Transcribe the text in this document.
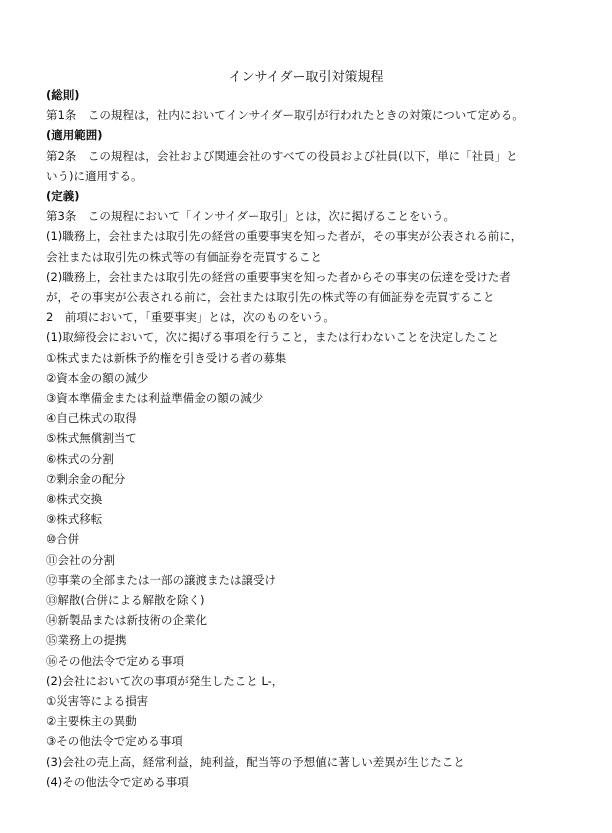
インサイダー取引対策規程
(総則)
第1条　この規程は，社内においてインサイダー取引が行われたときの対策について定める。
(適用範囲)
第2条　この規程は，会社および関連会社のすべての役員および社員(以下，単に「社員」と
いう)に適用する。
(定義)
第3条　この規程において「インサイダー取引」とは，次に掲げることをいう。
(1)職務上，会社または取引先の経営の重要事実を知った者が，その事実が公表される前に，
会社または取引先の株式等の有価証券を売買すること
(2)職務上，会社または取引先の経営の重要事実を知った者からその事実の伝達を受けた者
が，その事実が公表される前に，会社または取引先の株式等の有価証券を売買すること
2　前項において，「重要事実」とは，次のものをいう。
(1)取締役会において，次に掲げる事項を行うこと，または行わないことを決定したこと
①株式または新株予約権を引き受ける者の募集
②資本金の額の減少
③資本準備金または利益準備金の額の減少
④自己株式の取得
⑤株式無償割当て
⑥株式の分割
⑦剰余金の配分
⑧株式交換
⑨株式移転
⑩合併
⑪会社の分割
⑫事業の全部または一部の譲渡または譲受け
⑬解散(合併による解散を除く)
⑭新製品または新技術の企業化
⑮業務上の提携
⑯その他法令で定める事項
(2)会社において次の事項が発生したこと L-，
①災害等による損害
②主要株主の異動
③その他法令で定める事項
(3)会社の売上高，経常利益，純利益，配当等の予想値に著しい差異が生じたこと
(4)その他法令で定める事項
